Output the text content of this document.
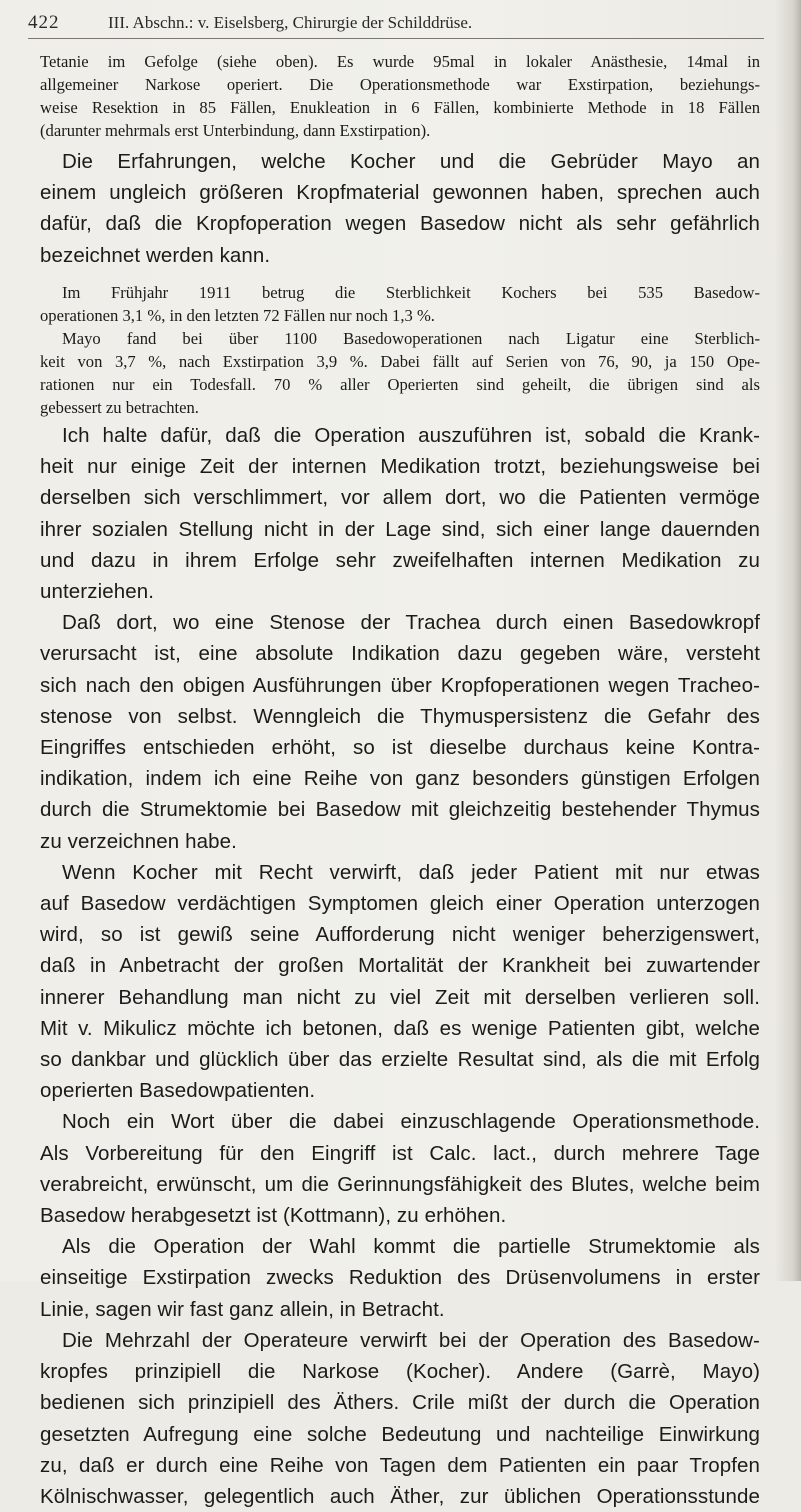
422	III. Abschn.: v. Eiselsberg, Chirurgie der Schilddrüse.
Tetanie im Gefolge (siehe oben). Es wurde 95mal in lokaler Anästhesie, 14mal in
allgemeiner Narkose operiert. Die Operationsmethode war Exstirpation, beziehungs-
weise Resektion in 85 Fällen, Enukleation in 6 Fällen, kombinierte Methode in 18 Fällen
(darunter mehrmals erst Unterbindung, dann Exstirpation).
Die Erfahrungen, welche Kocher und die Gebrüder Mayo an
einem ungleich größeren Kropfmaterial gewonnen haben, sprechen auch
dafür, daß die Kropfoperation wegen Basedow nicht als sehr gefährlich
bezeichnet werden kann.
Im Frühjahr 1911 betrug die Sterblichkeit Kochers bei 535 Basedow-
operationen 3,1 %, in den letzten 72 Fällen nur noch 1,3 %.
Mayo fand bei über 1100 Basedowoperationen nach Ligatur eine Sterblich-
keit von 3,7 %, nach Exstirpation 3,9 %. Dabei fällt auf Serien von 76, 90, ja 150 Ope-
rationen nur ein Todesfall. 70 % aller Operierten sind geheilt, die übrigen sind als
gebessert zu betrachten.
Ich halte dafür, daß die Operation auszuführen ist, sobald die Krank-
heit nur einige Zeit der internen Medikation trotzt, beziehungsweise bei
derselben sich verschlimmert, vor allem dort, wo die Patienten vermöge
ihrer sozialen Stellung nicht in der Lage sind, sich einer lange dauernden
und dazu in ihrem Erfolge sehr zweifelhaften internen Medikation zu
unterziehen.
Daß dort, wo eine Stenose der Trachea durch einen Basedowkropf
verursacht ist, eine absolute Indikation dazu gegeben wäre, versteht
sich nach den obigen Ausführungen über Kropfoperationen wegen Tracheo-
stenose von selbst. Wenngleich die Thymuspersistenz die Gefahr des
Eingriffes entschieden erhöht, so ist dieselbe durchaus keine Kontra-
indikation, indem ich eine Reihe von ganz besonders günstigen Erfolgen
durch die Strumektomie bei Basedow mit gleichzeitig bestehender Thymus
zu verzeichnen habe.
Wenn Kocher mit Recht verwirft, daß jeder Patient mit nur etwas
auf Basedow verdächtigen Symptomen gleich einer Operation unterzogen
wird, so ist gewiß seine Aufforderung nicht weniger beherzigenswert,
daß in Anbetracht der großen Mortalität der Krankheit bei zuwartender
innerer Behandlung man nicht zu viel Zeit mit derselben verlieren soll.
Mit v. Mikulicz möchte ich betonen, daß es wenige Patienten gibt, welche
so dankbar und glücklich über das erzielte Resultat sind, als die mit Erfolg
operierten Basedowpatienten.
Noch ein Wort über die dabei einzuschlagende Operationsmethode.
Als Vorbereitung für den Eingriff ist Calc. lact., durch mehrere Tage
verabreicht, erwünscht, um die Gerinnungsfähigkeit des Blutes, welche beim
Basedow herabgesetzt ist (Kottmann), zu erhöhen.
Als die Operation der Wahl kommt die partielle Strumektomie als
einseitige Exstirpation zwecks Reduktion des Drüsenvolumens in erster
Linie, sagen wir fast ganz allein, in Betracht.
Die Mehrzahl der Operateure verwirft bei der Operation des Basedow-
kropfes prinzipiell die Narkose (Kocher). Andere (Garrè, Mayo)
bedienen sich prinzipiell des Äthers. Crile mißt der durch die Operation
gesetzten Aufregung eine solche Bedeutung und nachteilige Einwirkung
zu, daß er durch eine Reihe von Tagen dem Patienten ein paar Tropfen
Kölnischwasser, gelegentlich auch Äther, zur üblichen Operationsstunde
